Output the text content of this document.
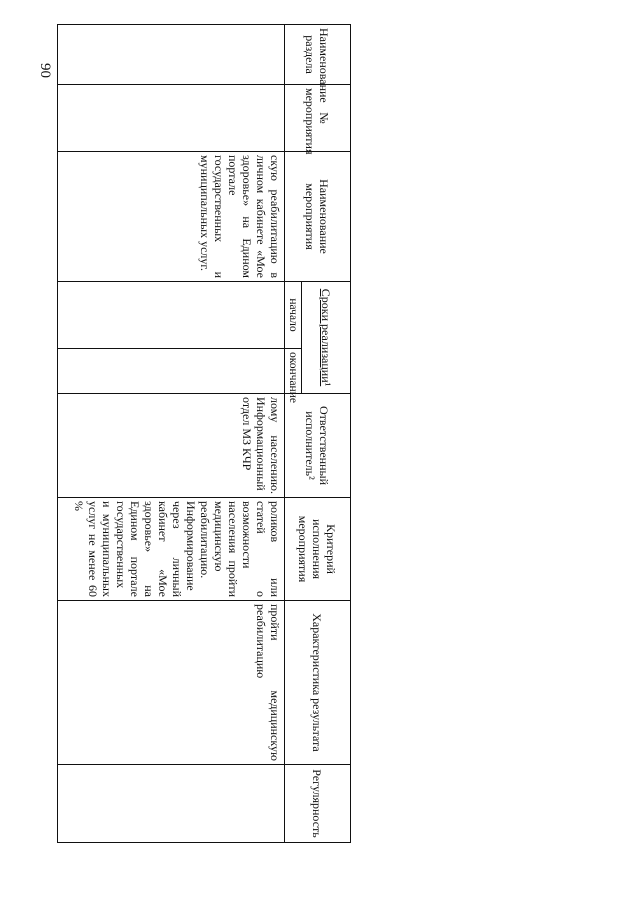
90	Наименование раздела	№ мероприятия	Наименование мероприятия	Сроки реализации¹		Ответственный исполнитель²	Критерий исполнения мероприятия	Характеристика результата	Регулярность
			начало	окончание				
		скую реабилитацию в личном кабинете «Мое здоровье» на Едином портале государственных и муниципальных услуг.			лому населению. Информационный отдел МЗ КЧР	роликов или статей о возможности населения пройти медицинскую реабилитацию. Информирование через личный кабинет «Мое здоровье» на Едином портале государственных и муниципальных услуг не менее 60 %	пройти медицинскую реабилитацию	
